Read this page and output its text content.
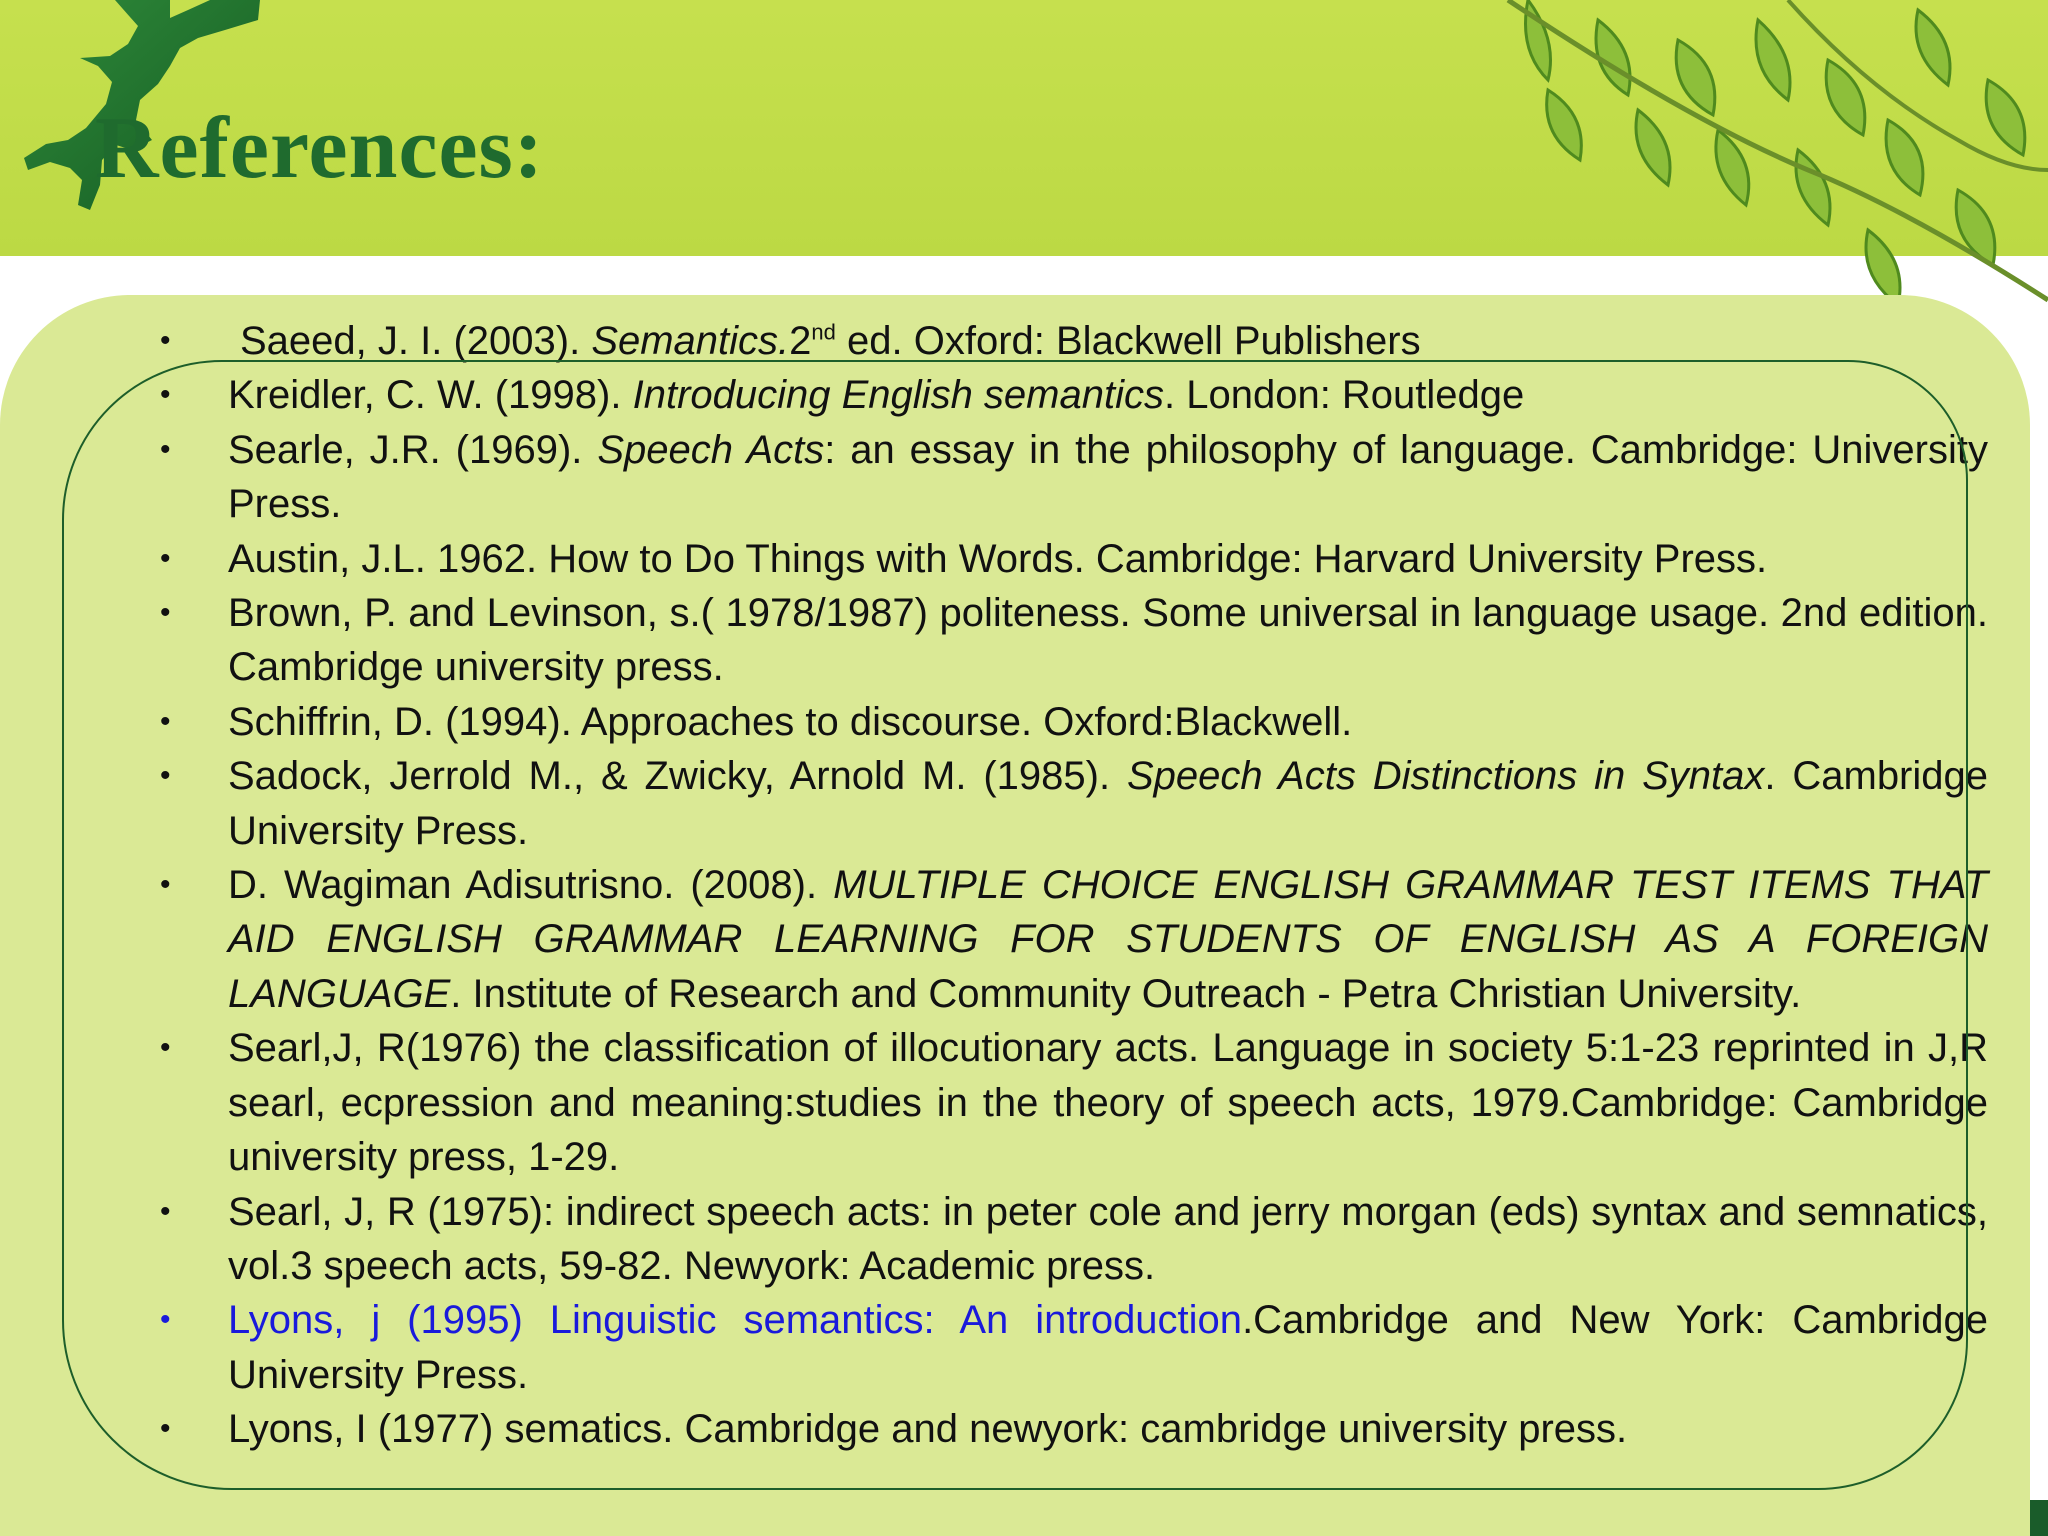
References:
• Saeed, J. I. (2003). Semantics.2nd ed. Oxford: Blackwell Publishers
• Kreidler, C. W. (1998). Introducing English semantics. London: Routledge
• Searle, J.R. (1969). Speech Acts: an essay in the philosophy of language. Cambridge: University Press.
• Austin, J.L. 1962. How to Do Things with Words. Cambridge: Harvard University Press.
• Brown, P. and Levinson, s.( 1978/1987) politeness. Some universal in language usage. 2nd edition. Cambridge university press.
• Schiffrin, D. (1994). Approaches to discourse. Oxford:Blackwell.
• Sadock, Jerrold M., & Zwicky, Arnold M. (1985). Speech Acts Distinctions in Syntax. Cambridge University Press.
• D. Wagiman Adisutrisno. (2008). MULTIPLE CHOICE ENGLISH GRAMMAR TEST ITEMS THAT AID ENGLISH GRAMMAR LEARNING FOR STUDENTS OF ENGLISH AS A FOREIGN LANGUAGE. Institute of Research and Community Outreach - Petra Christian University.
• Searl,J, R(1976) the classification of illocutionary acts. Language in society 5:1-23 reprinted in J,R searl, ecpression and meaning:studies in the theory of speech acts, 1979.Cambridge: Cambridge university press, 1-29.
• Searl, J, R (1975): indirect speech acts: in peter cole and jerry morgan (eds) syntax and semnatics, vol.3 speech acts, 59-82. Newyork: Academic press.
• Lyons, j (1995) Linguistic semantics: An introduction.Cambridge and New York: Cambridge University Press.
• Lyons, I (1977) sematics. Cambridge and newyork: cambridge university press.
